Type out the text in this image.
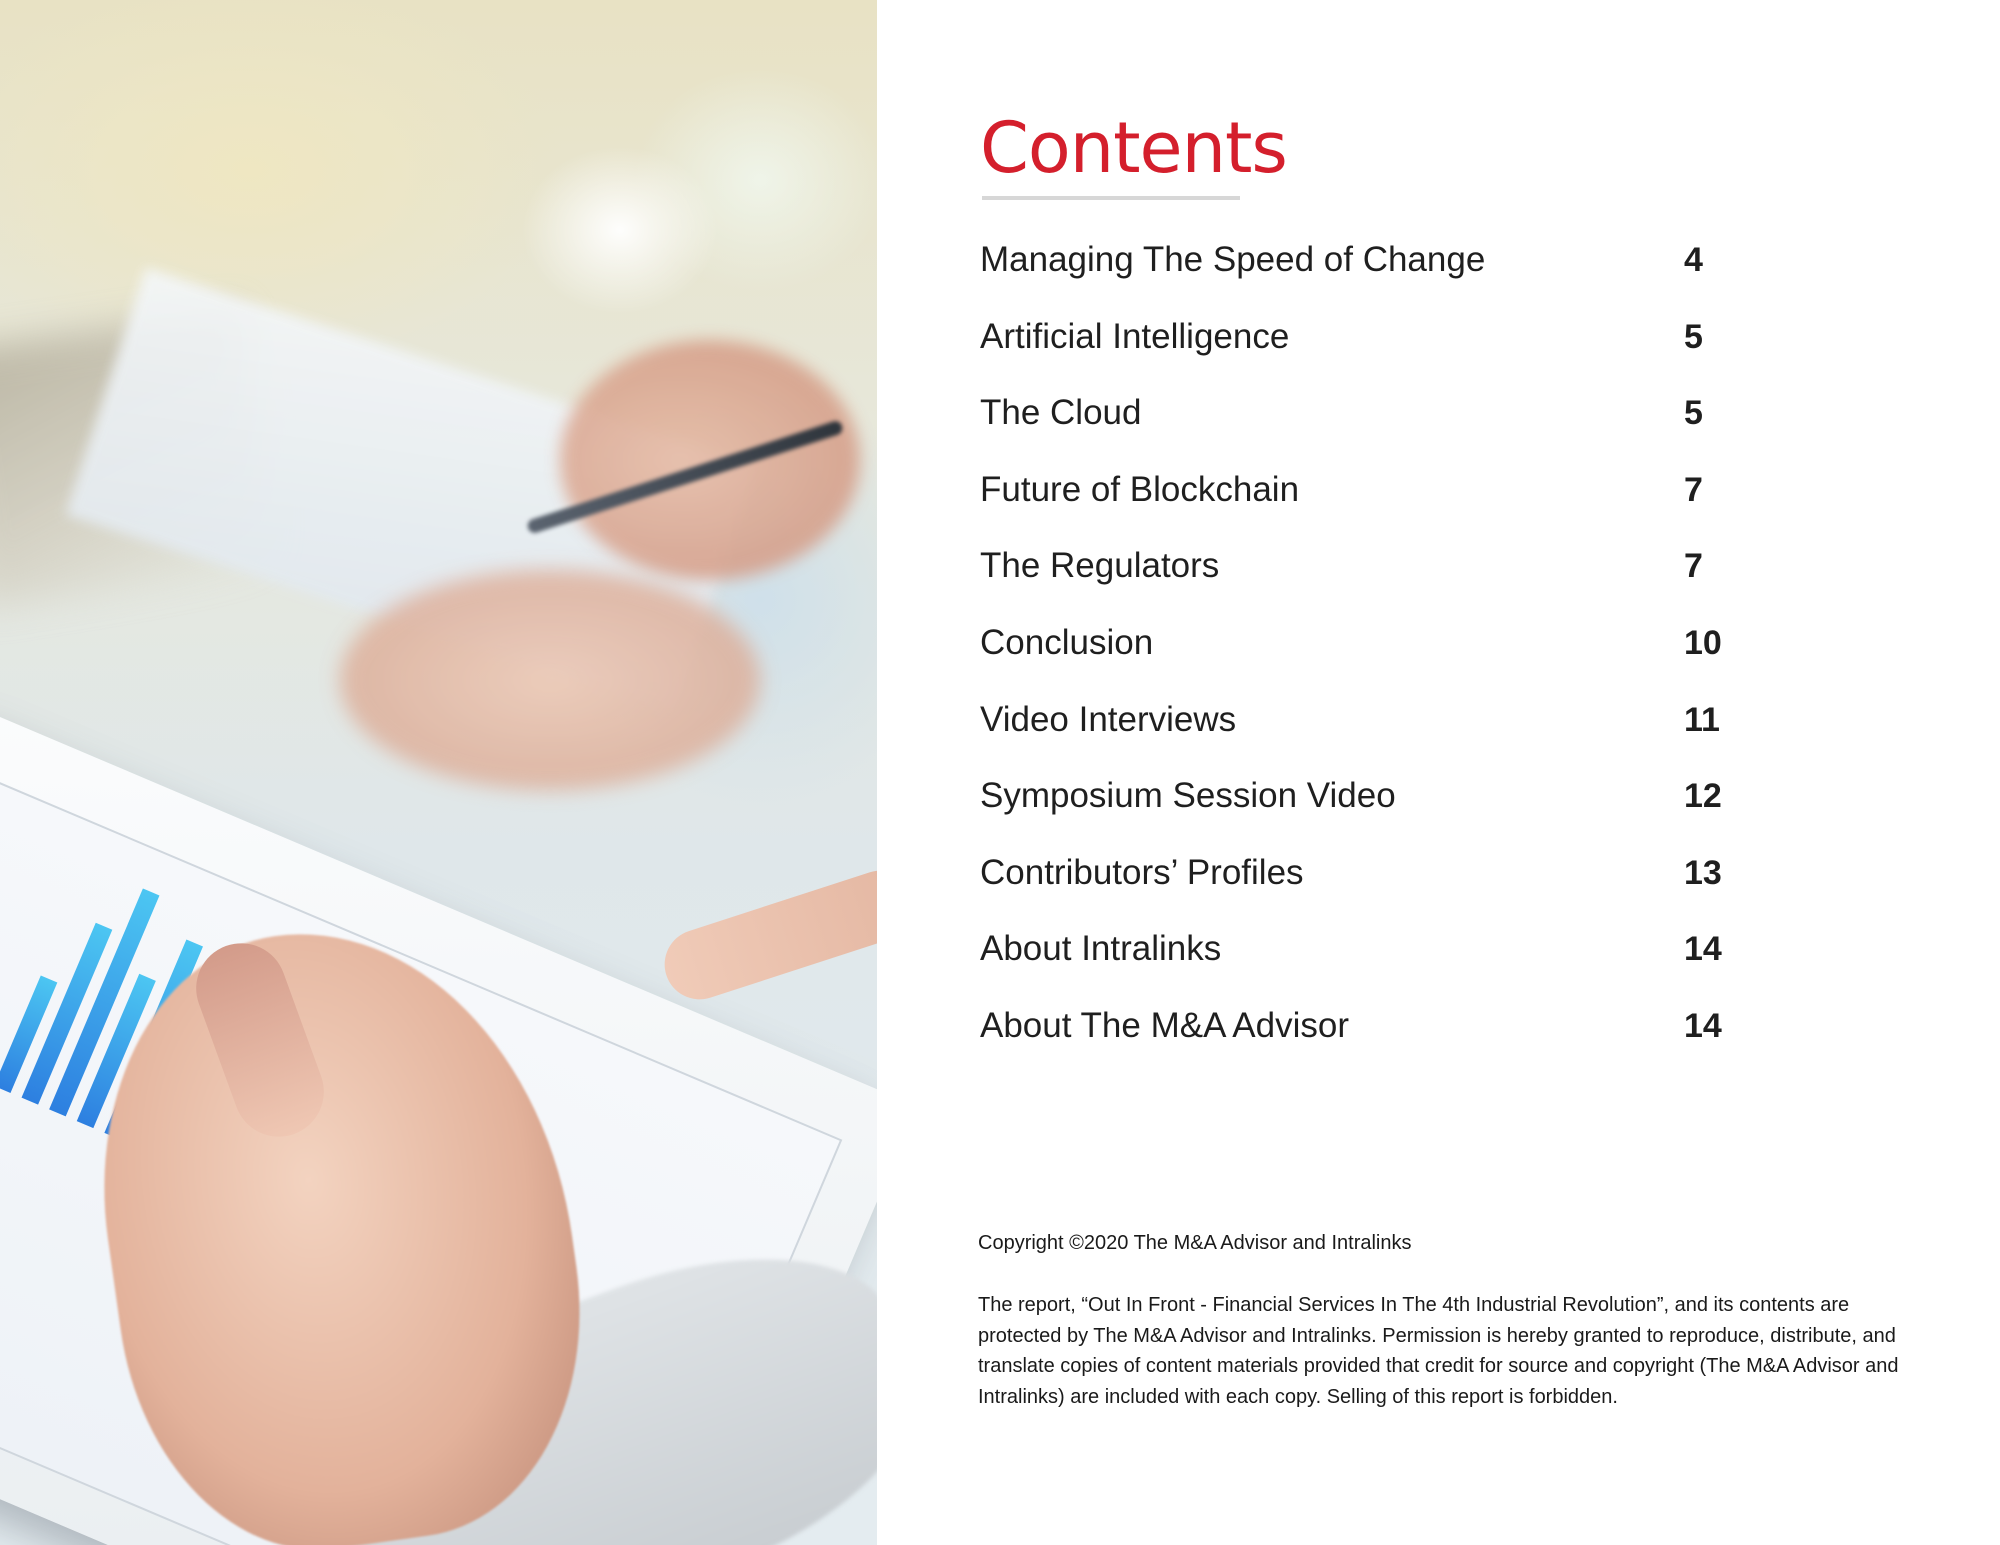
Contents
Managing The Speed of Change	4
Artificial Intelligence	5
The Cloud	5
Future of Blockchain	7
The Regulators	7
Conclusion	10
Video Interviews	11
Symposium Session Video	12
Contributors’ Profiles	13
About Intralinks	14
About The M&A Advisor	14

Copyright ©2020 The M&A Advisor and Intralinks

The report, “Out In Front - Financial Services In The 4th Industrial Revolution”, and its contents are protected by The M&A Advisor and Intralinks. Permission is hereby granted to reproduce, distribute, and translate copies of content materials provided that credit for source and copyright (The M&A Advisor and Intralinks) are included with each copy. Selling of this report is forbidden.
